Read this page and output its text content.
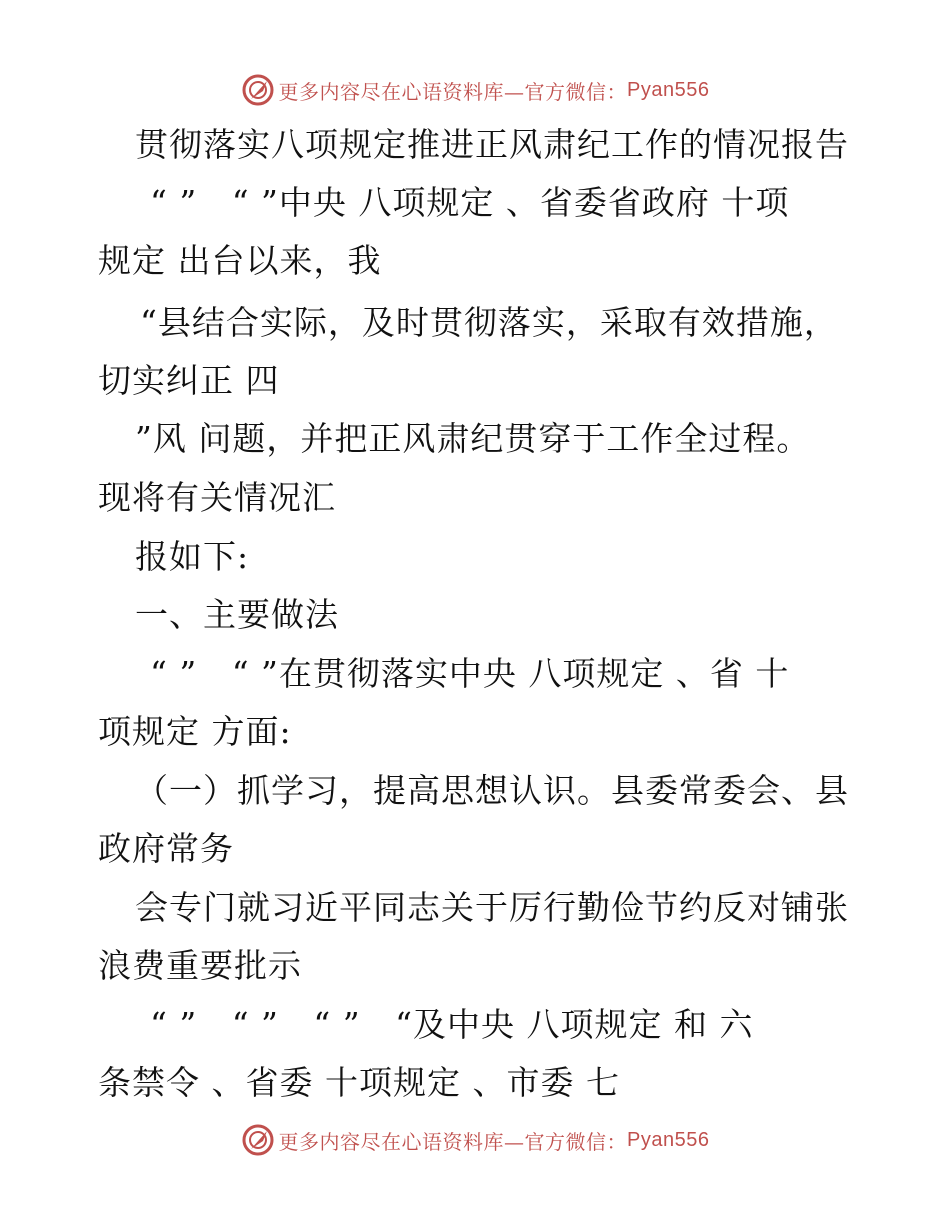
更多内容尽在心语资料库—官方微信： Pyan556
贯彻落实八项规定推进正风肃纪工作的情况报告
“ ”   “ ”中央 八项规定 、省委省政府 十项
规定 出台以来，我
“县结合实际，及时贯彻落实，采取有效措施，
切实纠正 四
”风 问题，并把正风肃纪贯穿于工作全过程。
现将有关情况汇
报如下:
一、主要做法
“ ”   “ ”在贯彻落实中央 八项规定 、省 十
项规定 方面:
（一）抓学习，提高思想认识。县委常委会、县
政府常务
会专门就习近平同志关于厉行勤俭节约反对铺张
浪费重要批示
“ ”   “ ”   “ ”   “及中央 八项规定 和 六
条禁令 、省委 十项规定 、市委 七
更多内容尽在心语资料库—官方微信： Pyan556
